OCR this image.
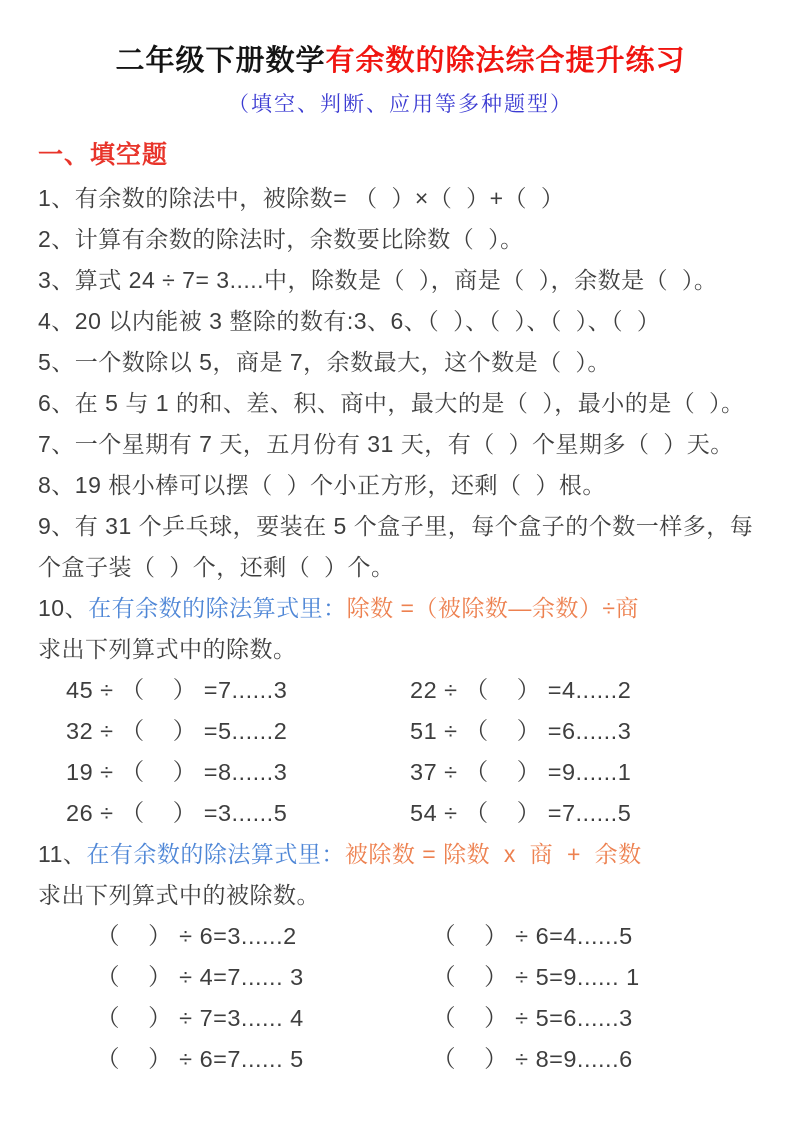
二年级下册数学有余数的除法综合提升练习
（填空、判断、应用等多种题型）
一、填空题

1、有余数的除法中，被除数= （  ）×（  ）+（  ）

2、计算有余数的除法时，余数要比除数（  ）。

3、算式 24 ÷ 7= 3.....中，除数是（  ），商是（  ），余数是（  ）。

4、20 以内能被 3 整除的数有:3、6、（  ）、（  ）、（  ）、（  ）

5、一个数除以 5，商是 7，余数最大，这个数是（  ）。

6、在 5 与 1 的和、差、积、商中，最大的是（  ），最小的是（  ）。

7、一个星期有 7 天，五月份有 31 天，有（  ）个星期多（  ）天。

8、19 根小棒可以摆（  ）个小正方形，还剩（  ）根。

9、有 31 个乒乓球，要装在 5 个盒子里，每个盒子的个数一样多，每个盒子装（  ）个，还剩（  ）个。

10、在有余数的除法算式里：除数 =（被除数—余数）÷商

求出下列算式中的除数。

45 ÷ （    ） =7......3	22 ÷ （    ） =4......2
32 ÷ （    ） =5......2	51 ÷ （    ） =6......3
19 ÷ （    ） =8......3	37 ÷ （    ） =9......1
26 ÷ （    ） =3......5	54 ÷ （    ） =7......5

11、在有余数的除法算式里：被除数 = 除数  x  商  +  余数

求出下列算式中的被除数。

（    ） ÷ 6=3......2	（    ） ÷ 6=4......5
（    ） ÷ 4=7...... 3	（    ） ÷ 5=9...... 1
（    ） ÷ 7=3...... 4	（    ） ÷ 5=6......3
（    ） ÷ 6=7...... 5	（    ） ÷ 8=9......6
